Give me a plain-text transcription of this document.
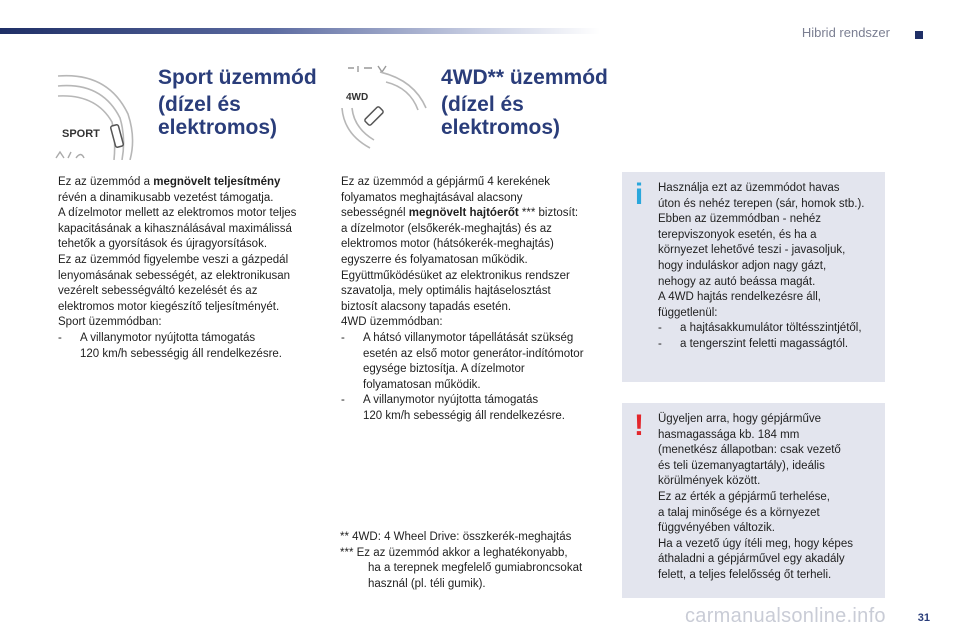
Hibrid rendszer
SPORT
4WD
Sport üzemmód
(dízel és
elektromos)
4WD** üzemmód
(dízel és
elektromos)

Ez az üzemmód a megnövelt teljesítmény

révén a dinamikusabb vezetést támogatja.

A dízelmotor mellett az elektromos motor teljes

kapacitásának a kihasználásával maximálissá

tehetők a gyorsítások és újragyorsítások.

Ez az üzemmód figyelembe veszi a gázpedál

lenyomásának sebességét, az elektronikusan

vezérelt sebességváltó kezelését és az

elektromos motor kiegészítő teljesítményét.

Sport üzemmódban:

- A villanymotor nyújtotta támogatás
120 km/h sebességig áll rendelkezésre.

Ez az üzemmód a gépjármű 4 kerekének

folyamatos meghajtásával alacsony

sebességnél megnövelt hajtóerőt *** biztosít:

a dízelmotor (elsőkerék-meghajtás) és az

elektromos motor (hátsókerék-meghajtás)

egyszerre és folyamatosan működik.

Együttműködésüket az elektronikus rendszer

szavatolja, mely optimális hajtáselosztást

biztosít alacsony tapadás esetén.

4WD üzemmódban:

- A hátsó villanymotor tápellátását szükség
esetén az első motor generátor-indítómotor
egysége biztosítja. A dízelmotor
folyamatosan működik.
- A villanymotor nyújtotta támogatás
120 km/h sebességig áll rendelkezésre.
i Használja ezt az üzemmódot havas

úton és nehéz terepen (sár, homok stb.).

Ebben az üzemmódban - nehéz

terepviszonyok esetén, és ha a

környezet lehetővé teszi - javasoljuk,

hogy induláskor adjon nagy gázt,

nehogy az autó beássa magát.

A 4WD hajtás rendelkezésre áll,

függetlenül:

- a hajtásakkumulátor töltésszintjétől,
- a tengerszint feletti magasságtól.
! Ügyeljen arra, hogy gépjárműve

hasmagassága kb. 184 mm

(menetkész állapotban: csak vezető

és teli üzemanyagtartály), ideális

körülmények között.

Ez az érték a gépjármű terhelése,

a talaj minősége és a környezet

függvényében változik.

Ha a vezető úgy ítéli meg, hogy képes

áthaladni a gépjárművel egy akadály

felett, a teljes felelősség őt terheli.

** 4WD: 4 Wheel Drive: összkerék-meghajtás

*** Ez az üzemmód akkor a leghatékonyabb,

ha a terepnek megfelelő gumiabroncsokat

használ (pl. téli gumik).

carmanualsonline.info	31
